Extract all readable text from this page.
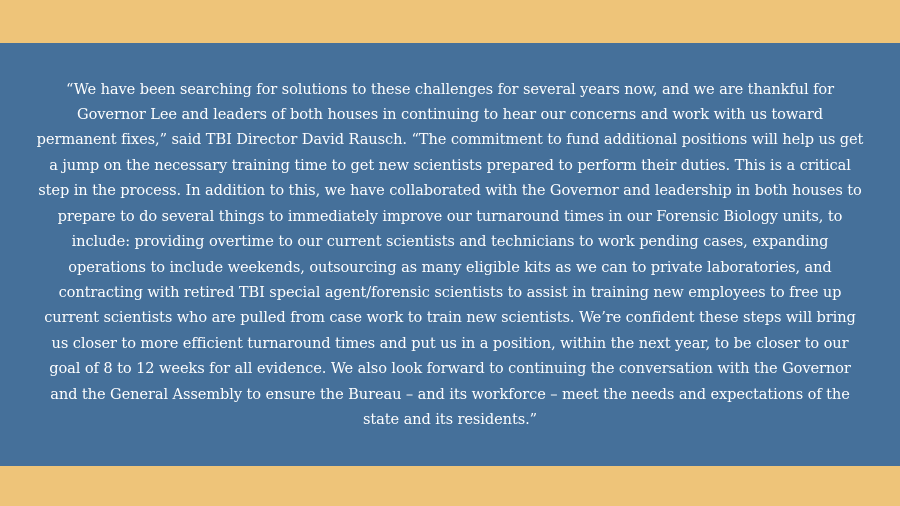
“We have been searching for solutions to these challenges for several years now, and we are thankful for Governor Lee and leaders of both houses in continuing to hear our concerns and work with us toward permanent fixes,” said TBI Director David Rausch. “The commitment to fund additional positions will help us get a jump on the necessary training time to get new scientists prepared to perform their duties. This is a critical step in the process. In addition to this, we have collaborated with the Governor and leadership in both houses to prepare to do several things to immediately improve our turnaround times in our Forensic Biology units, to include: providing overtime to our current scientists and technicians to work pending cases, expanding operations to include weekends, outsourcing as many eligible kits as we can to private laboratories, and contracting with retired TBI special agent/forensic scientists to assist in training new employees to free up current scientists who are pulled from case work to train new scientists. We’re confident these steps will bring us closer to more efficient turnaround times and put us in a position, within the next year, to be closer to our goal of 8 to 12 weeks for all evidence. We also look forward to continuing the conversation with the Governor and the General Assembly to ensure the Bureau – and its workforce – meet the needs and expectations of the state and its residents.”
